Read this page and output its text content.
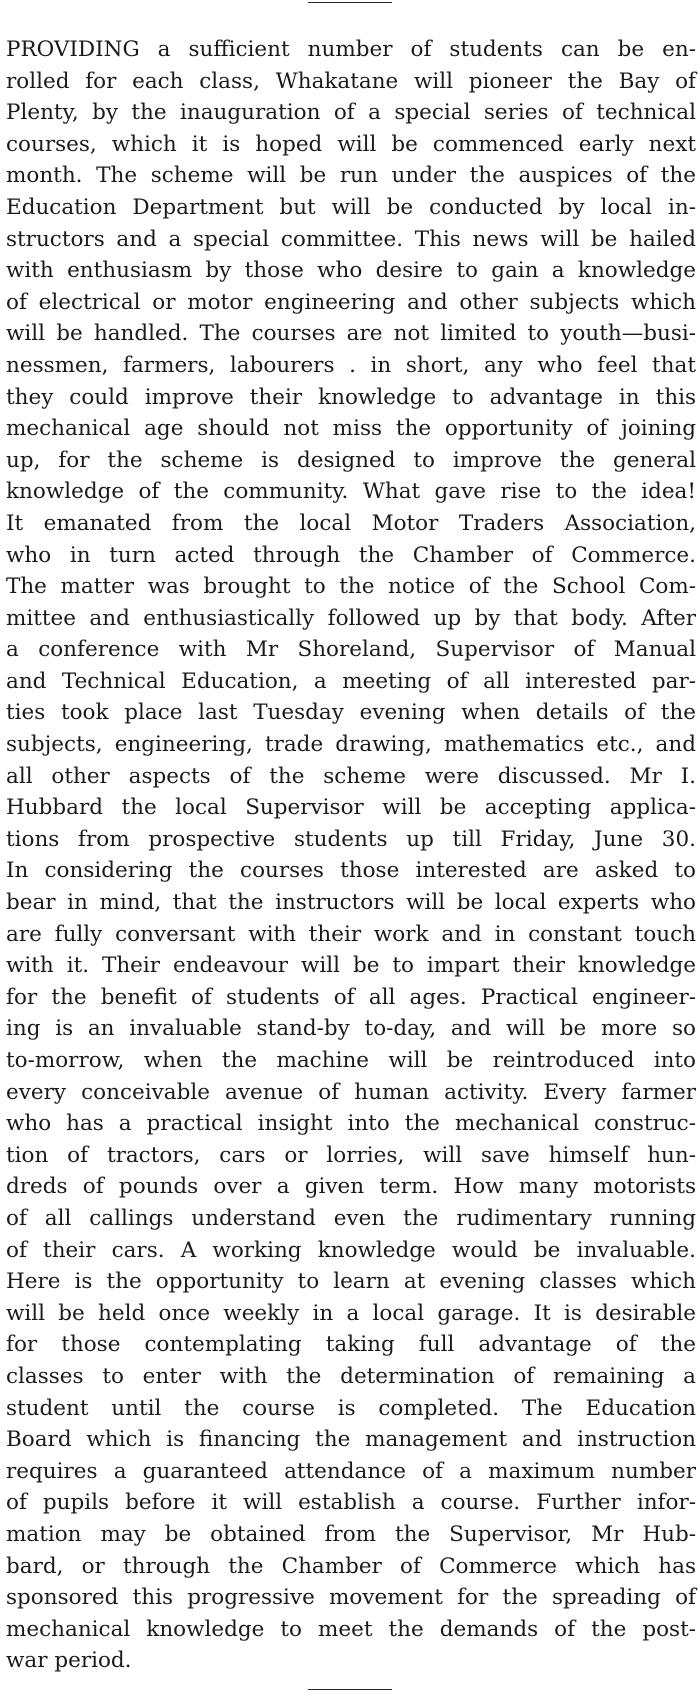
PROVIDING a sufficient number of students can be en-
rolled for each class, Whakatane will pioneer the Bay of
Plenty, by the inauguration of a special series of technical
courses, which it is hoped will be commenced early next
month. The scheme will be run under the auspices of the
Education Department but will be conducted by local in-
structors and a special committee. This news will be hailed
with enthusiasm by those who desire to gain a knowledge
of electrical or motor engineering and other subjects which
will be handled. The courses are not limited to youth—busi-
nessmen, farmers, labourers . in short, any who feel that
they could improve their knowledge to advantage in this
mechanical age should not miss the opportunity of joining
up, for the scheme is designed to improve the general
knowledge of the community. What gave rise to the idea!
It emanated from the local Motor Traders Association,
who in turn acted through the Chamber of Commerce.
The matter was brought to the notice of the School Com-
mittee and enthusiastically followed up by that body. After
a conference with Mr Shoreland, Supervisor of Manual
and Technical Education, a meeting of all interested par-
ties took place last Tuesday evening when details of the
subjects, engineering, trade drawing, mathematics etc., and
all other aspects of the scheme were discussed. Mr I.
Hubbard the local Supervisor will be accepting applica-
tions from prospective students up till Friday, June 30.
In considering the courses those interested are asked to
bear in mind, that the instructors will be local experts who
are fully conversant with their work and in constant touch
with it. Their endeavour will be to impart their knowledge
for the benefit of students of all ages. Practical engineer-
ing is an invaluable stand-by to-day, and will be more so
to-morrow, when the machine will be reintroduced into
every conceivable avenue of human activity. Every farmer
who has a practical insight into the mechanical construc-
tion of tractors, cars or lorries, will save himself hun-
dreds of pounds over a given term. How many motorists
of all callings understand even the rudimentary running
of their cars. A working knowledge would be invaluable.
Here is the opportunity to learn at evening classes which
will be held once weekly in a local garage. It is desirable
for those contemplating taking full advantage of the
classes to enter with the determination of remaining a
student until the course is completed. The Education
Board which is financing the management and instruction
requires a guaranteed attendance of a maximum number
of pupils before it will establish a course. Further infor-
mation may be obtained from the Supervisor, Mr Hub-
bard, or through the Chamber of Commerce which has
sponsored this progressive movement for the spreading of
mechanical knowledge to meet the demands of the post-
war period.
